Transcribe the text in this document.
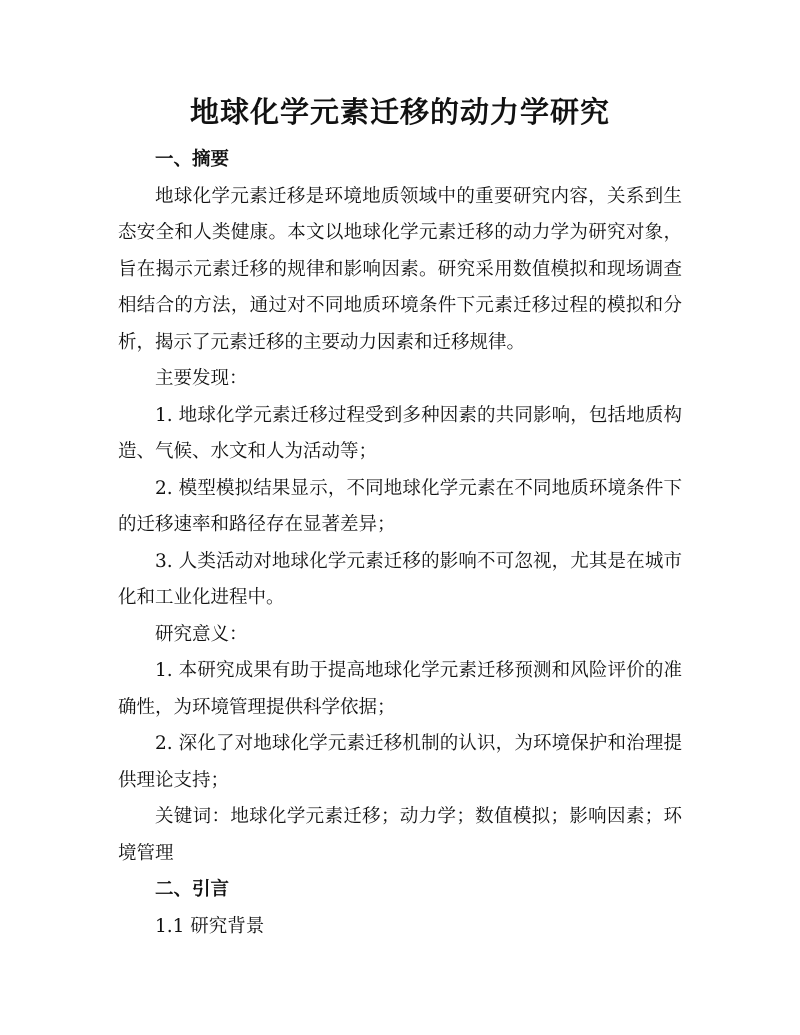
地球化学元素迁移的动力学研究

一、摘要

地球化学元素迁移是环境地质领域中的重要研究内容，关系到生态安全和人类健康。本文以地球化学元素迁移的动力学为研究对象，旨在揭示元素迁移的规律和影响因素。研究采用数值模拟和现场调查相结合的方法，通过对不同地质环境条件下元素迁移过程的模拟和分析，揭示了元素迁移的主要动力因素和迁移规律。

主要发现：

1. 地球化学元素迁移过程受到多种因素的共同影响，包括地质构造、气候、水文和人为活动等；

2. 模型模拟结果显示，不同地球化学元素在不同地质环境条件下的迁移速率和路径存在显著差异；

3. 人类活动对地球化学元素迁移的影响不可忽视，尤其是在城市化和工业化进程中。

研究意义：

1. 本研究成果有助于提高地球化学元素迁移预测和风险评价的准确性，为环境管理提供科学依据；

2. 深化了对地球化学元素迁移机制的认识，为环境保护和治理提供理论支持；

关键词：地球化学元素迁移；动力学；数值模拟；影响因素；环境管理

二、引言

1.1 研究背景
